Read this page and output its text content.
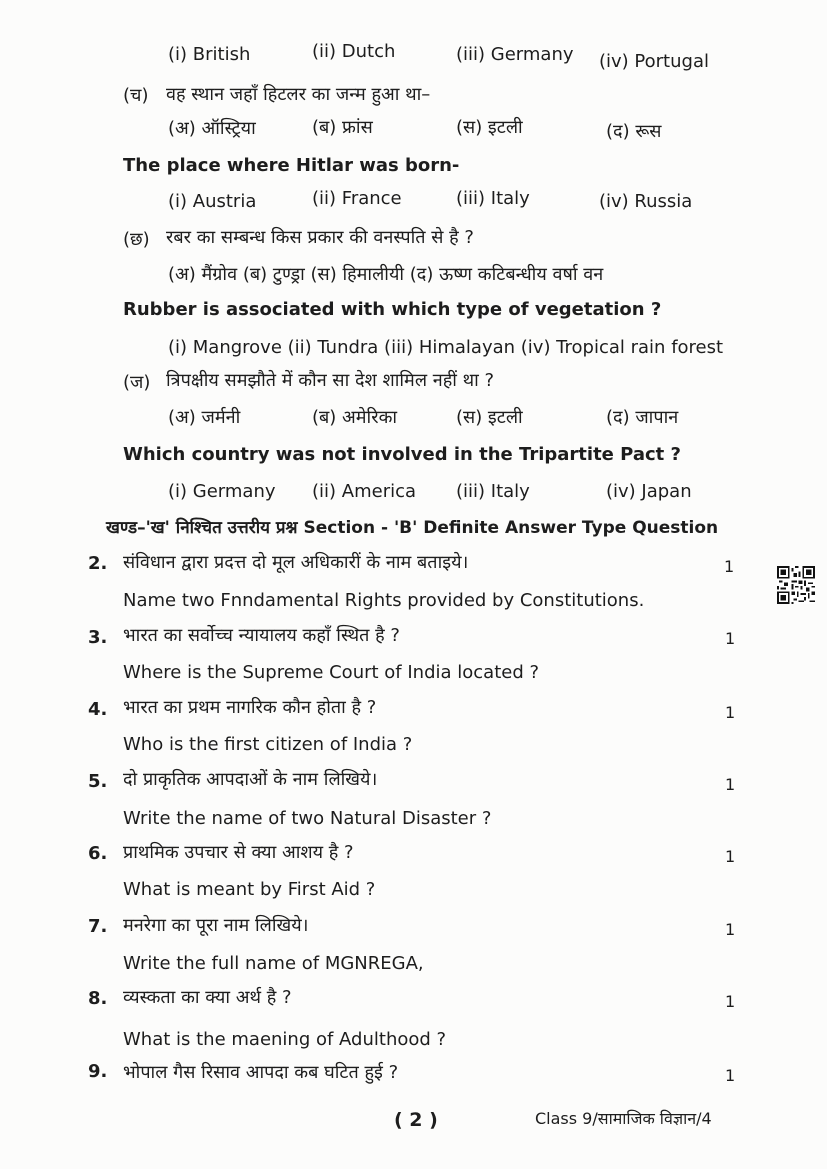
(i) British	(ii) Dutch	(iii) Germany (iv) Portugal
(च) वह स्थान जहाँ हिटलर का जन्म हुआ था–
(अ) ऑस्ट्रिया	(ब) फ्रांस	(स) इटली	(द) रूस
The place where Hitlar was born-
(i) Austria	(ii) France	(iii) Italy	(iv) Russia
(छ) रबर का सम्बन्ध किस प्रकार की वनस्पति से है ?
(अ) मैंग्रोव (ब) टुण्ड्रा (स) हिमालीयी (द) ऊष्ण कटिबन्धीय वर्षा वन
Rubber is associated with which type of vegetation ?
(i) Mangrove (ii) Tundra (iii) Himalayan (iv) Tropical rain forest
(ज) त्रिपक्षीय समझौते में कौन सा देश शामिल नहीं था ?
(अ) जर्मनी	(ब) अमेरिका	(स) इटली	(द) जापान
Which country was not involved in the Tripartite Pact ?
(i) Germany (ii) America (iii) Italy	(iv) Japan
खण्ड–'ख' निश्चित उत्तरीय प्रश्न Section - 'B' Definite Answer Type Question
2. संविधान द्वारा प्रदत्त दो मूल अधिकारीं के नाम बताइये।	1
Name two Fnndamental Rights provided by Constitutions.
3. भारत का सर्वोच्च न्यायालय कहाँ स्थित है ?	1
Where is the Supreme Court of India located ?
4. भारत का प्रथम नागरिक कौन होता है ?	1
Who is the first citizen of India ?
5. दो प्राकृतिक आपदाओं के नाम लिखिये।	1
Write the name of two Natural Disaster ?
6. प्राथमिक उपचार से क्या आशय है ?	1
What is meant by First Aid ?
7. मनरेगा का पूरा नाम लिखिये।	1
Write the full name of MGNREGA,
8. व्यस्कता का क्या अर्थ है ?	1
What is the maening of Adulthood ?
9. भोपाल गैस रिसाव आपदा कब घटित हुई ?	1
( 2 )	Class 9/सामाजिक विज्ञान/4
